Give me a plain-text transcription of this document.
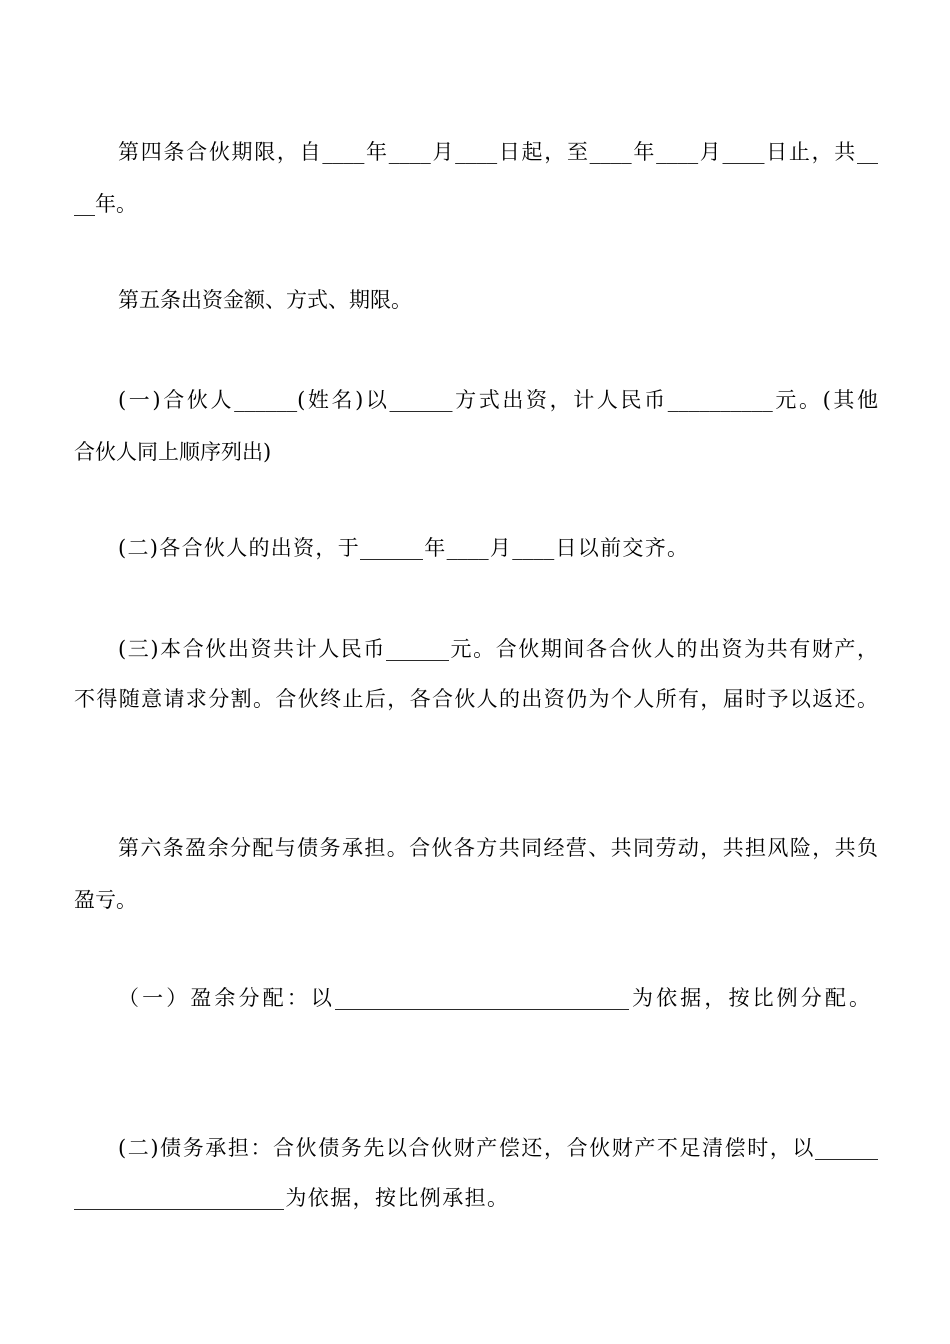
第四条合伙期限，自____年____月____日起，至____年____月____日止，共__

__年。

第五条出资金额、方式、期限。

(一)合伙人______(姓名)以______方式出资，计人民币__________元。(其他

合伙人同上顺序列出)

(二)各合伙人的出资，于______年____月____日以前交齐。

(三)本合伙出资共计人民币______元。合伙期间各合伙人的出资为共有财产，

不得随意请求分割。合伙终止后，各合伙人的出资仍为个人所有，届时予以返还。

第六条盈余分配与债务承担。合伙各方共同经营、共同劳动，共担风险，共负

盈亏。

（一）盈余分配：以____________________________为依据，按比例分配。

(二)债务承担：合伙债务先以合伙财产偿还，合伙财产不足清偿时，以______

____________________为依据，按比例承担。
